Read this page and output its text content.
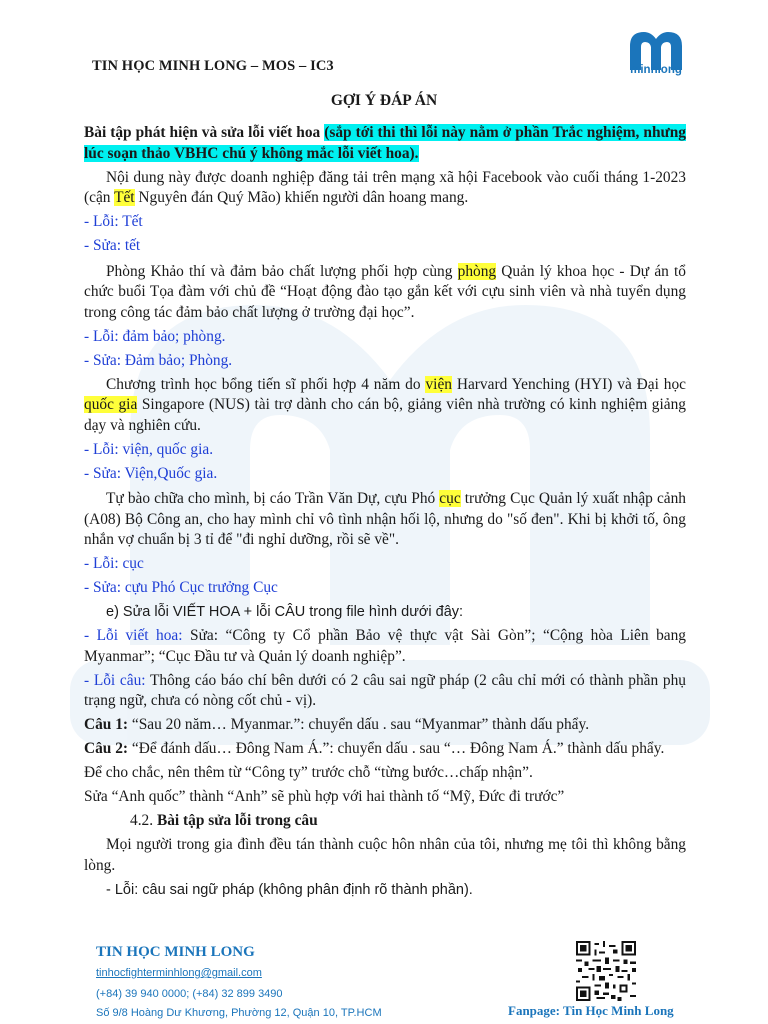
TIN HỌC MINH LONG – MOS – IC3	minhlong
GỢI Ý ĐÁP ÁN

Bài tập phát hiện và sửa lỗi viết hoa (sắp tới thi thì lỗi này nằm ở phần Trắc nghiệm, nhưng lúc soạn thảo VBHC chú ý không mắc lỗi viết hoa).

Nội dung này được doanh nghiệp đăng tải trên mạng xã hội Facebook vào cuối tháng 1-2023 (cận Tết Nguyên đán Quý Mão) khiến người dân hoang mang.

- Lỗi: Tết

- Sửa: tết

Phòng Khảo thí và đảm bảo chất lượng phối hợp cùng phòng Quản lý khoa học - Dự án tổ chức buổi Tọa đàm với chủ đề “Hoạt động đào tạo gắn kết với cựu sinh viên và nhà tuyển dụng trong công tác đảm bảo chất lượng ở trường đại học”.

- Lỗi: đảm bảo; phòng.

- Sửa: Đảm bảo; Phòng.

Chương trình học bổng tiến sĩ phối hợp 4 năm do viện Harvard Yenching (HYI) và Đại học quốc gia Singapore (NUS) tài trợ dành cho cán bộ, giảng viên nhà trường có kinh nghiệm giảng dạy và nghiên cứu.

- Lỗi: viện, quốc gia.

- Sửa: Viện,Quốc gia.

Tự bào chữa cho mình, bị cáo Trần Văn Dự, cựu Phó cục trưởng Cục Quản lý xuất nhập cảnh (A08) Bộ Công an, cho hay mình chỉ vô tình nhận hối lộ, nhưng do "số đen". Khi bị khởi tố, ông nhắn vợ chuẩn bị 3 tỉ để "đi nghỉ dưỡng, rồi sẽ về".

- Lỗi: cục

- Sửa: cựu Phó Cục trưởng Cục

e) Sửa lỗi VIẾT HOA + lỗi CÂU trong file hình dưới đây:

- Lỗi viết hoa: Sửa: “Công ty Cổ phần Bảo vệ thực vật Sài Gòn”; “Cộng hòa Liên bang Myanmar”; “Cục Đầu tư và Quản lý doanh nghiệp”.

- Lỗi câu: Thông cáo báo chí bên dưới có 2 câu sai ngữ pháp (2 câu chỉ mới có thành phần phụ trạng ngữ, chưa có nòng cốt chủ - vị).

Câu 1: “Sau 20 năm… Myanmar.”: chuyển dấu . sau “Myanmar” thành dấu phẩy.

Câu 2: “Để đánh dấu… Đông Nam Á.”: chuyển dấu . sau “… Đông Nam Á.” thành dấu phẩy.

Để cho chắc, nên thêm từ “Công ty” trước chỗ “từng bước…chấp nhận”.

Sửa “Anh quốc” thành “Anh” sẽ phù hợp với hai thành tố “Mỹ, Đức đi trước”

4.2. Bài tập sửa lỗi trong câu

Mọi người trong gia đình đều tán thành cuộc hôn nhân của tôi, nhưng mẹ tôi thì không bằng lòng.

- Lỗi: câu sai ngữ pháp (không phân định rõ thành phần).

TIN HỌC MINH LONG
tinhocfighterminhlong@gmail.com
(+84) 39 940 0000; (+84) 32 899 3490
Số 9/8 Hoàng Dư Khương, Phường 12, Quận 10, TP.HCM	Fanpage: Tin Học Minh Long
